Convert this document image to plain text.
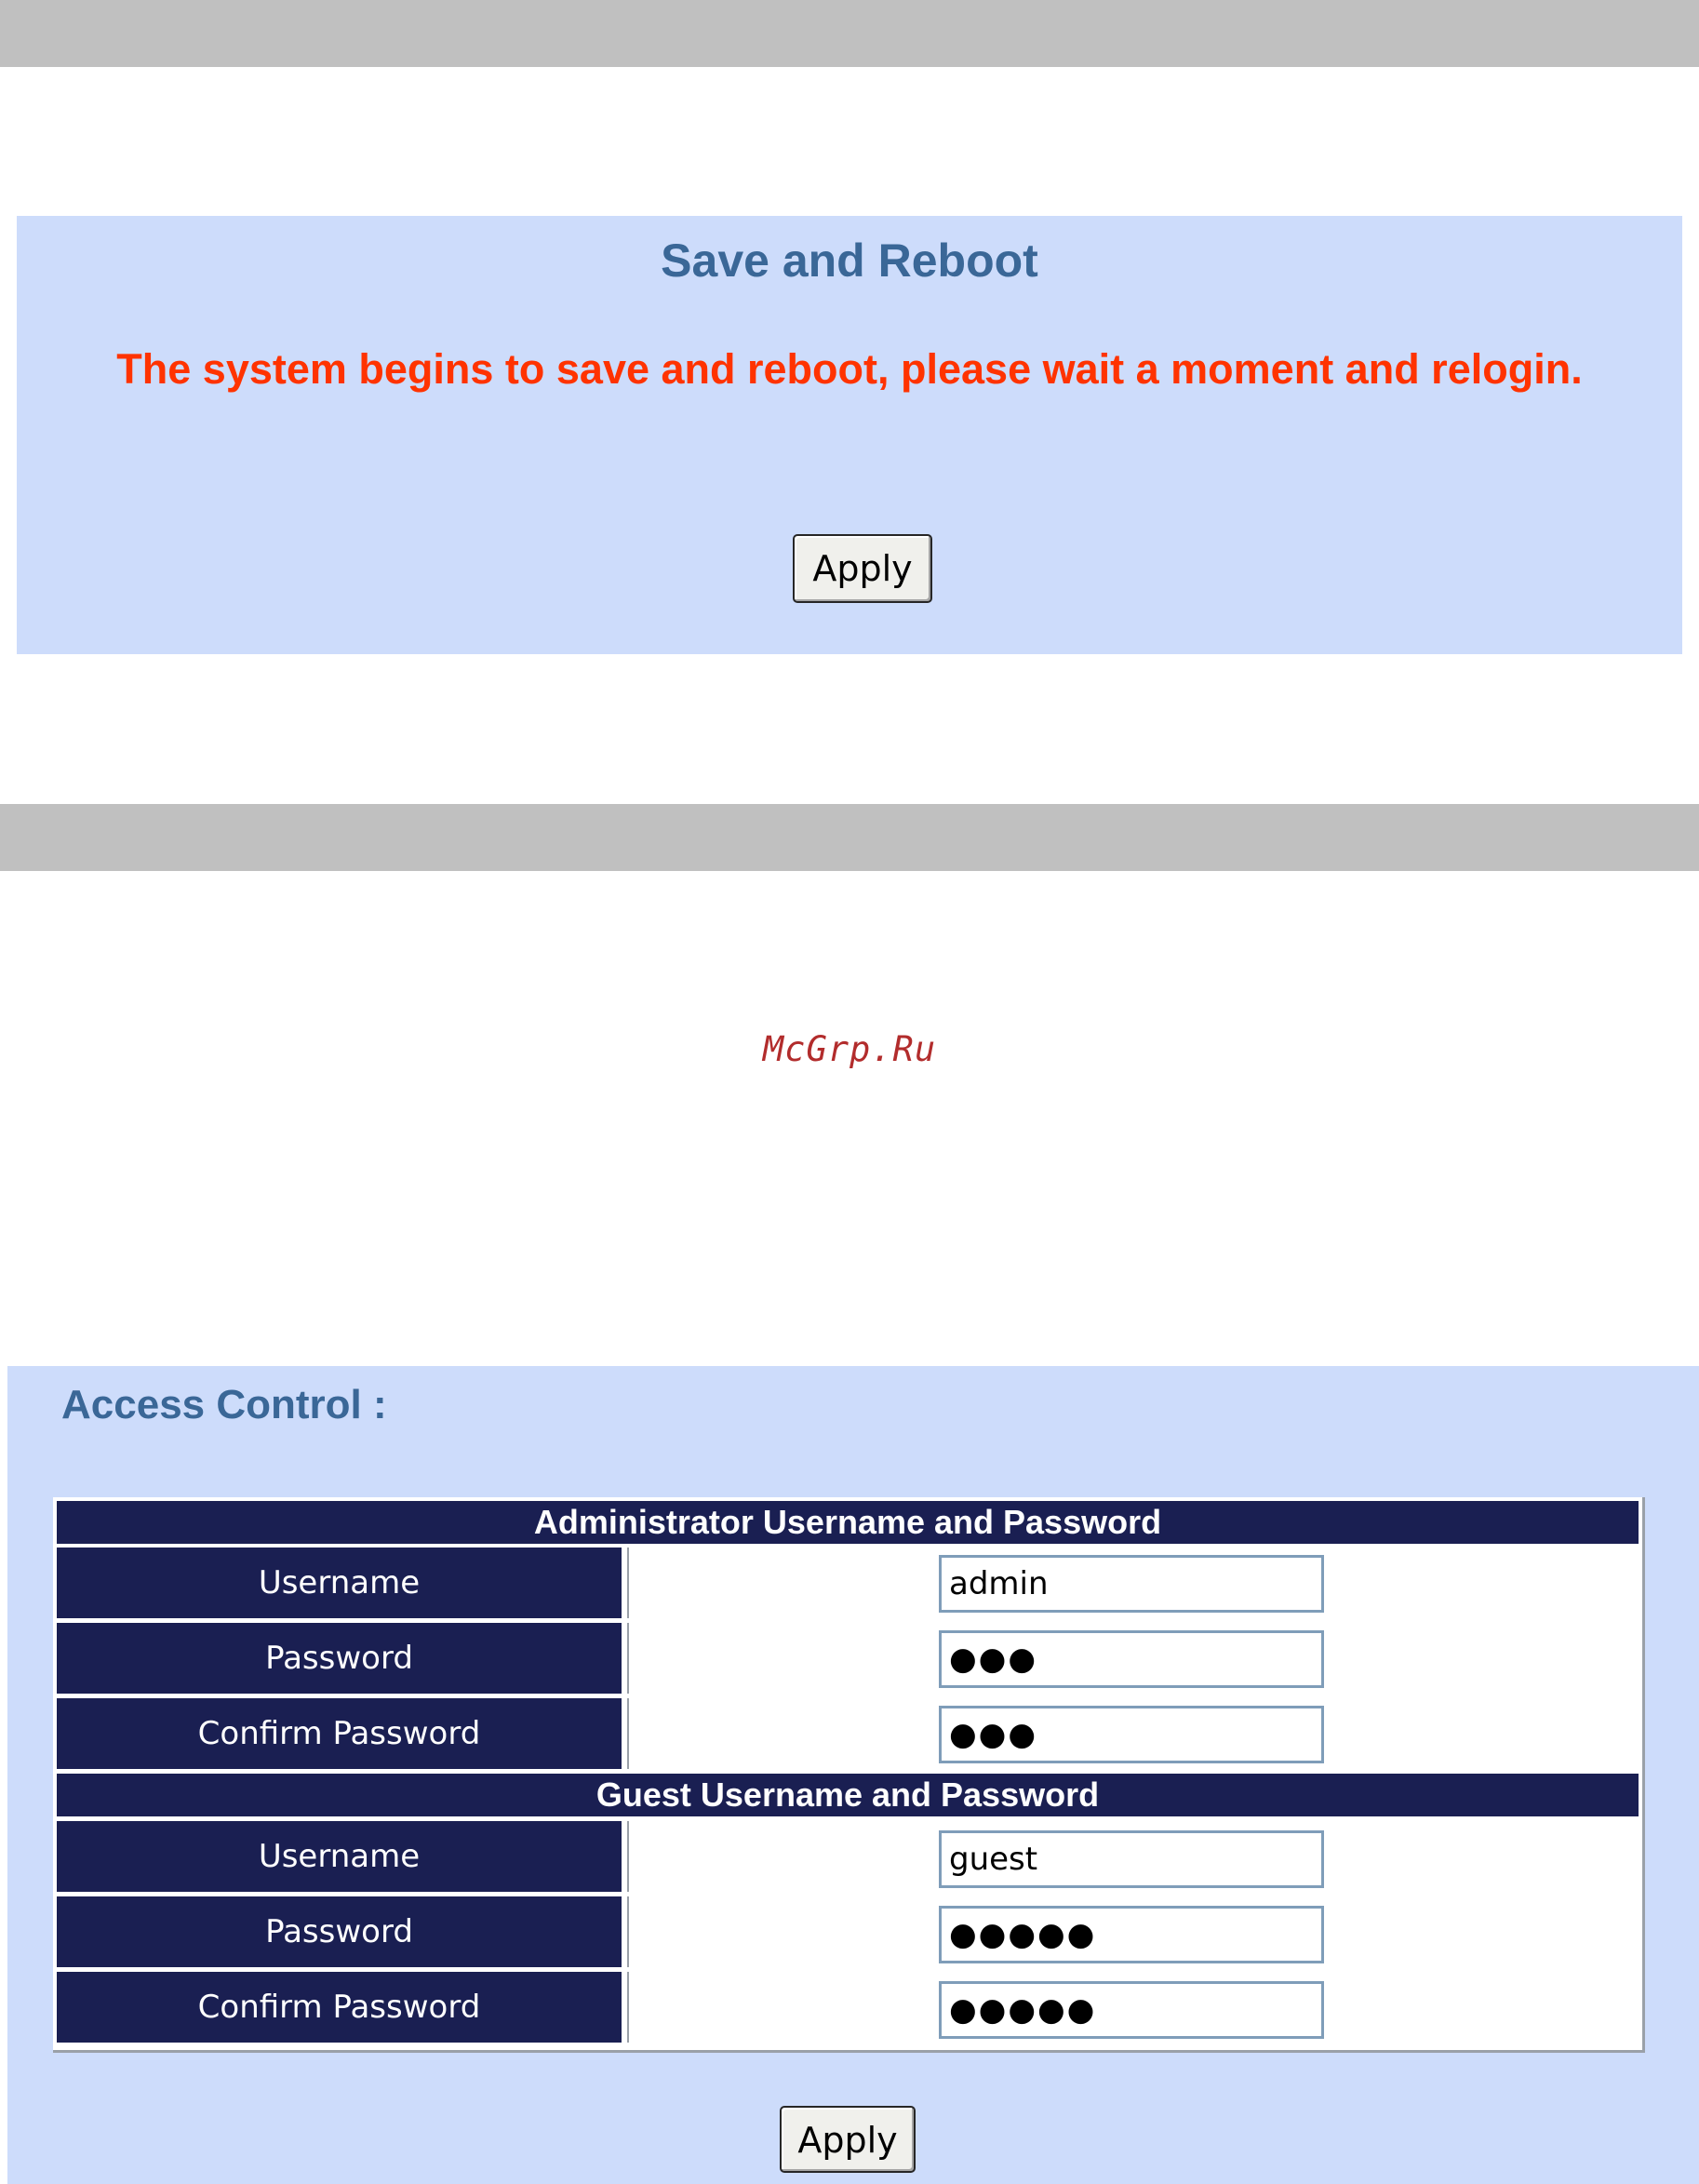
Save and Reboot
The system begins to save and reboot, please wait a moment and relogin.
Apply
McGrp.Ru
Access Control :
Administrator Username and Password
Username
Password
Confirm Password
Guest Username and Password
Username
Password
Confirm Password
admin
●●●
●●●
guest
●●●●●
●●●●●
Apply
